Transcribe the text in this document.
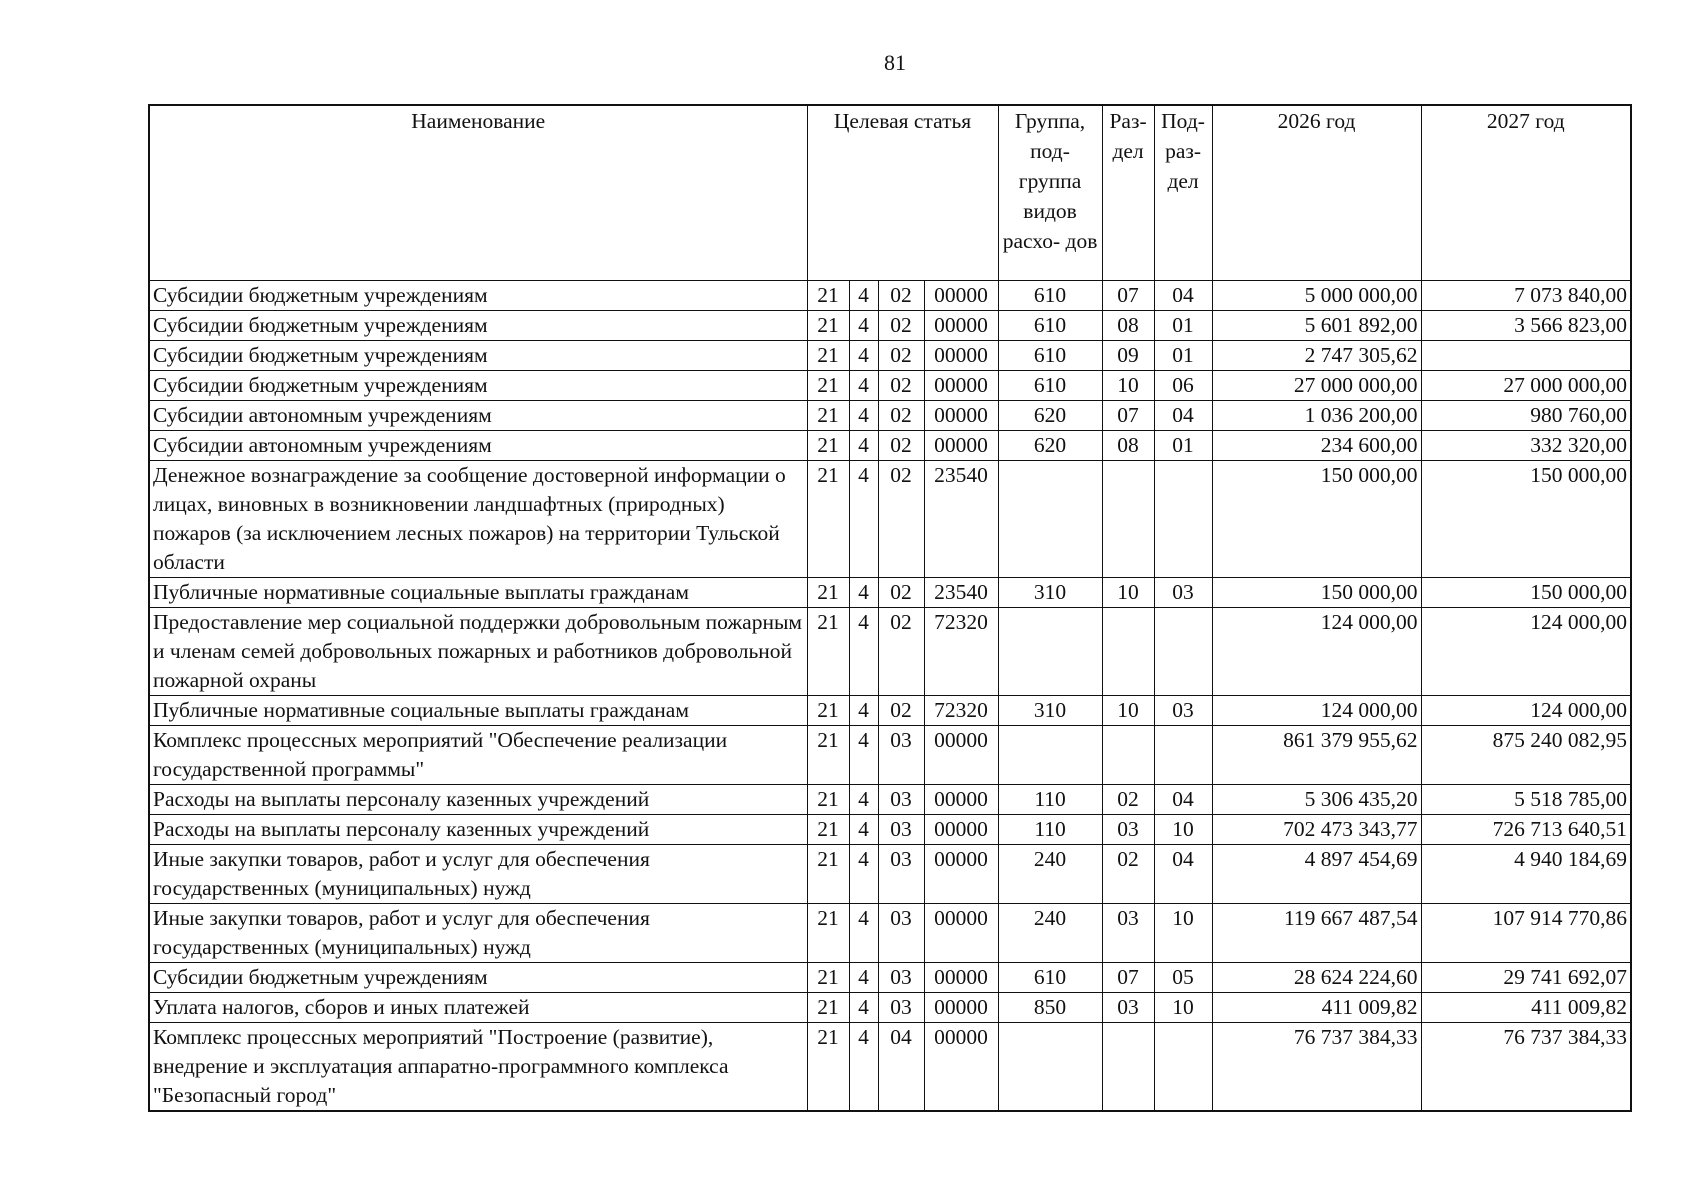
81
Наименование	Целевая статья				Группа, под- группа видов расхо- дов	Раз- дел	Под- раз- дел	2026 год	2027 год
Субсидии бюджетным учреждениям	21	4	02	00000	610	07	04	5 000 000,00	7 073 840,00
Субсидии бюджетным учреждениям	21	4	02	00000	610	08	01	5 601 892,00	3 566 823,00
Субсидии бюджетным учреждениям	21	4	02	00000	610	09	01	2 747 305,62	
Субсидии бюджетным учреждениям	21	4	02	00000	610	10	06	27 000 000,00	27 000 000,00
Субсидии автономным учреждениям	21	4	02	00000	620	07	04	1 036 200,00	980 760,00
Субсидии автономным учреждениям	21	4	02	00000	620	08	01	234 600,00	332 320,00
Денежное вознаграждение за сообщение достоверной информации о лицах, виновных в возникновении ландшафтных (природных) пожаров (за исключением лесных пожаров) на территории Тульской области	21	4	02	23540				150 000,00	150 000,00
Публичные нормативные социальные выплаты гражданам	21	4	02	23540	310	10	03	150 000,00	150 000,00
Предоставление мер социальной поддержки добровольным пожарным и членам семей добровольных пожарных и работников добровольной пожарной охраны	21	4	02	72320				124 000,00	124 000,00
Публичные нормативные социальные выплаты гражданам	21	4	02	72320	310	10	03	124 000,00	124 000,00
Комплекс процессных мероприятий "Обеспечение реализации государственной программы"	21	4	03	00000				861 379 955,62	875 240 082,95
Расходы на выплаты персоналу казенных учреждений	21	4	03	00000	110	02	04	5 306 435,20	5 518 785,00
Расходы на выплаты персоналу казенных учреждений	21	4	03	00000	110	03	10	702 473 343,77	726 713 640,51
Иные закупки товаров, работ и услуг для обеспечения государственных (муниципальных) нужд	21	4	03	00000	240	02	04	4 897 454,69	4 940 184,69
Иные закупки товаров, работ и услуг для обеспечения государственных (муниципальных) нужд	21	4	03	00000	240	03	10	119 667 487,54	107 914 770,86
Субсидии бюджетным учреждениям	21	4	03	00000	610	07	05	28 624 224,60	29 741 692,07
Уплата налогов, сборов и иных платежей	21	4	03	00000	850	03	10	411 009,82	411 009,82
Комплекс процессных мероприятий "Построение (развитие), внедрение и эксплуатация аппаратно-программного комплекса "Безопасный город"	21	4	04	00000				76 737 384,33	76 737 384,33
